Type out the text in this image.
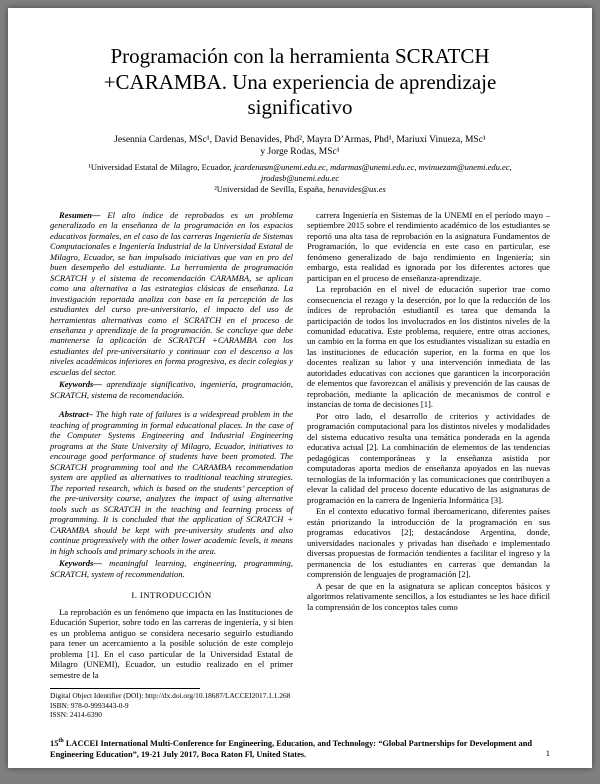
Programación con la herramienta SCRATCH +CARAMBA. Una experiencia de aprendizaje significativo
Jesennia Cardenas, MSc¹, David Benavides, Phd², Mayra D’Armas, Phd¹, Mariuxi Vinueza, MSc¹
y Jorge Rodas, MSc¹
¹Universidad Estatal de Milagro, Ecuador, jcardenasm@unemi.edu.ec, mdarmas@unemi.edu.ec, mvinuezam@unemi.edu.ec, jrodasb@unemi.edu.ec
²Universidad de Sevilla, España, benavides@us.es

Resumen— El alto índice de reprobados es un problema generalizado en la enseñanza de la programación en los espacios educativos formales, en el caso de las carreras Ingeniería de Sistemas Computacionales e Ingeniería Industrial de la Universidad Estatal de Milagro, Ecuador, se han impulsado iniciativas que van en pro del buen desempeño del estudiante. La herramienta de programación SCRATCH y el sistema de recomendación CARAMBA, se aplican como una alternativa a las estrategias clásicas de enseñanza. La investigación reportada analiza con base en la percepción de los estudiantes del curso pre-universitario, el impacto del uso de herramientas alternativas como el SCRATCH en el proceso de enseñanza y aprendizaje de la programación. Se concluye que debe mantenerse la aplicación de SCRATCH +CARAMBA con los estudiantes del pre-universitario y continuar con el descenso a los niveles académicos inferiores en forma progresiva, es decir colegios y escuelas del sector.

Keywords— aprendizaje significativo, ingeniería, programación, SCRATCH, sistema de recomendación.

Abstract– The high rate of failures is a widespread problem in the teaching of programming in formal educational places. In the case of the Computer Systems Engineering and Industrial Engineering programs at the State University of Milagro, Ecuador, initiatives to encourage good performance of students have been promoted. The SCRATCH programming tool and the CARAMBA recommendation system are applied as alternatives to traditional teaching strategies. The reported research, which is based on the students’ perception of the pre-university course, analyzes the impact of using alternative tools such as SCRATCH in the teaching and learning process of programming. It is concluded that the application of SCRATCH + CARAMBA should be kept with pre-university students and also continue progressively with the other lower academic levels, it means in high schools and primary schools in the area.

Keywords— meaningful learning, engineering, programming, SCRATCH, system of recommendation.

I. INTRODUCCIÓN

La reprobación es un fenómeno que impacta en las Instituciones de Educación Superior, sobre todo en las carreras de ingeniería, y si bien es un problema antiguo se considera necesario seguirlo estudiando para tener un acercamiento a la posible solución de este complejo problema [1]. En el caso particular de la Universidad Estatal de Milagro (UNEMI), Ecuador, un estudio realizado en el primer semestre de la

carrera Ingeniería en Sistemas de la UNEMI en el período mayo – septiembre 2015 sobre el rendimiento académico de los estudiantes se reportó una alta tasa de reprobación en la asignatura Fundamentos de Programación, lo que evidencia en este caso en particular, ese fenómeno generalizado de bajo rendimiento en Ingeniería; sin embargo, esta realidad es ignorada por los diferentes actores que participan en el proceso de enseñanza-aprendizaje.

La reprobación en el nivel de educación superior trae como consecuencia el rezago y la deserción, por lo que la reducción de los índices de reprobación estudiantil es tarea que demanda la participación de todos los involucrados en los distintos niveles de la comunidad educativa. Este problema, requiere, entre otras acciones, un cambio en la forma en que los estudiantes visualizan su estadía en las instituciones de educación superior, en la forma en que los docentes realizan su labor y una intervención inmediata de las autoridades educativas con acciones que garanticen la incorporación de elementos que favorezcan el análisis y prevención de las causas de reprobación, mediante la aplicación de mecanismos de control e instancias de toma de decisiones [1].

Por otro lado, el desarrollo de criterios y actividades de programación computacional para los distintos niveles y modalidades del sistema educativo resulta una temática ponderada en la agenda educativa actual [2]. La combinación de elementos de las tendencias pedagógicas contemporáneas y la enseñanza asistida por computadoras aporta medios de enseñanza apoyados en las nuevas tecnologías de la información y las comunicaciones que contribuyen a elevar la calidad del proceso docente educativo de las asignaturas de programación en la carrera de Ingeniería Informática [3].

En el contexto educativo formal iberoamericano, diferentes países están priorizando la introducción de la programación en sus programas educativos [2]; destacándose Argentina, donde, universidades nacionales y privadas han diseñado e implementado diversas propuestas de formación tendientes a facilitar el ingreso y la permanencia de los estudiantes en carreras que demandan la comprensión de lenguajes de programación [2].

A pesar de que en la asignatura se aplican conceptos básicos y algoritmos relativamente sencillos, a los estudiantes se les hace difícil la comprensión de los conceptos tales como

Digital Object Identifier (DOI): http://dx.doi.org/10.18687/LACCEI2017.1.1.268
ISBN: 978-0-9993443-0-9
ISSN: 2414-6390
15th LACCEI International Multi-Conference for Engineering, Education, and Technology: “Global Partnerships for Development and Engineering Education”, 19-21 July 2017, Boca Raton Fl, United States.	1
